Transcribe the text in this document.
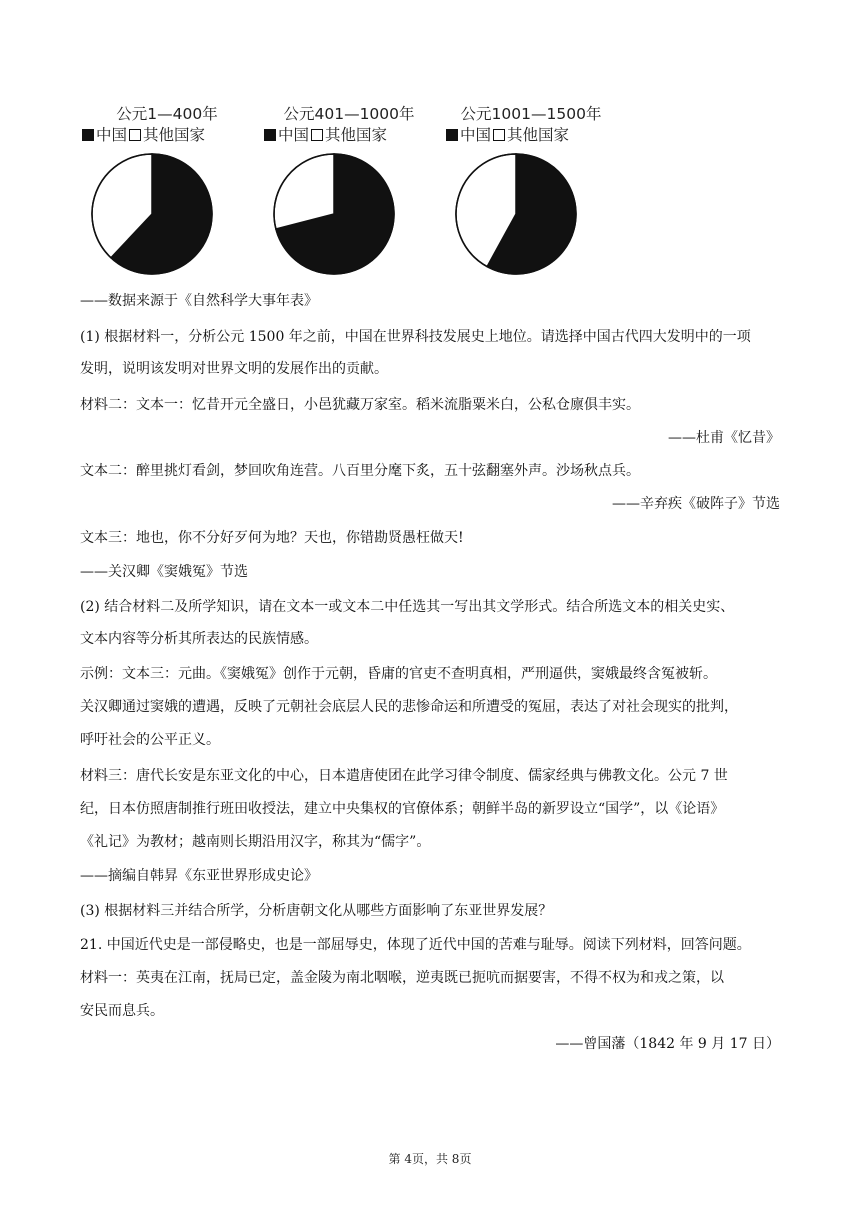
公元1—400年
中国 其他国家
公元401—1000年
中国 其他国家
公元1001—1500年
中国 其他国家
——数据来源于《自然科学大事年表》
(1) 根据材料一，分析公元 1500 年之前，中国在世界科技发展史上地位。请选择中国古代四大发明中的一项
发明，说明该发明对世界文明的发展作出的贡献。
材料二：文本一：忆昔开元全盛日，小邑犹藏万家室。稻米流脂粟米白，公私仓廪俱丰实。
——杜甫《忆昔》
文本二：醉里挑灯看剑，梦回吹角连营。八百里分麾下炙，五十弦翻塞外声。沙场秋点兵。
——辛弃疾《破阵子》节选
文本三：地也，你不分好歹何为地？天也，你错勘贤愚枉做天!
——关汉卿《窦娥冤》节选
(2) 结合材料二及所学知识，请在文本一或文本二中任选其一写出其文学形式。结合所选文本的相关史实、
文本内容等分析其所表达的民族情感。
示例：文本三：元曲。《窦娥冤》创作于元朝，昏庸的官吏不查明真相，严刑逼供，窦娥最终含冤被斩。
关汉卿通过窦娥的遭遇，反映了元朝社会底层人民的悲惨命运和所遭受的冤屈，表达了对社会现实的批判，
呼吁社会的公平正义。
材料三：唐代长安是东亚文化的中心，日本遣唐使团在此学习律令制度、儒家经典与佛教文化。公元 7 世
纪，日本仿照唐制推行班田收授法，建立中央集权的官僚体系；朝鲜半岛的新罗设立“国学”，以《论语》
《礼记》为教材；越南则长期沿用汉字，称其为“儒字”。
——摘编自韩昇《东亚世界形成史论》
(3) 根据材料三并结合所学，分析唐朝文化从哪些方面影响了东亚世界发展？
21. 中国近代史是一部侵略史，也是一部屈辱史，体现了近代中国的苦难与耻辱。阅读下列材料，回答问题。
材料一：英夷在江南，抚局已定，盖金陵为南北咽喉，逆夷既已扼吭而据要害，不得不权为和戎之策，以
安民而息兵。
——曾国藩（1842 年 9 月 17 日）
第 4页，共 8页
